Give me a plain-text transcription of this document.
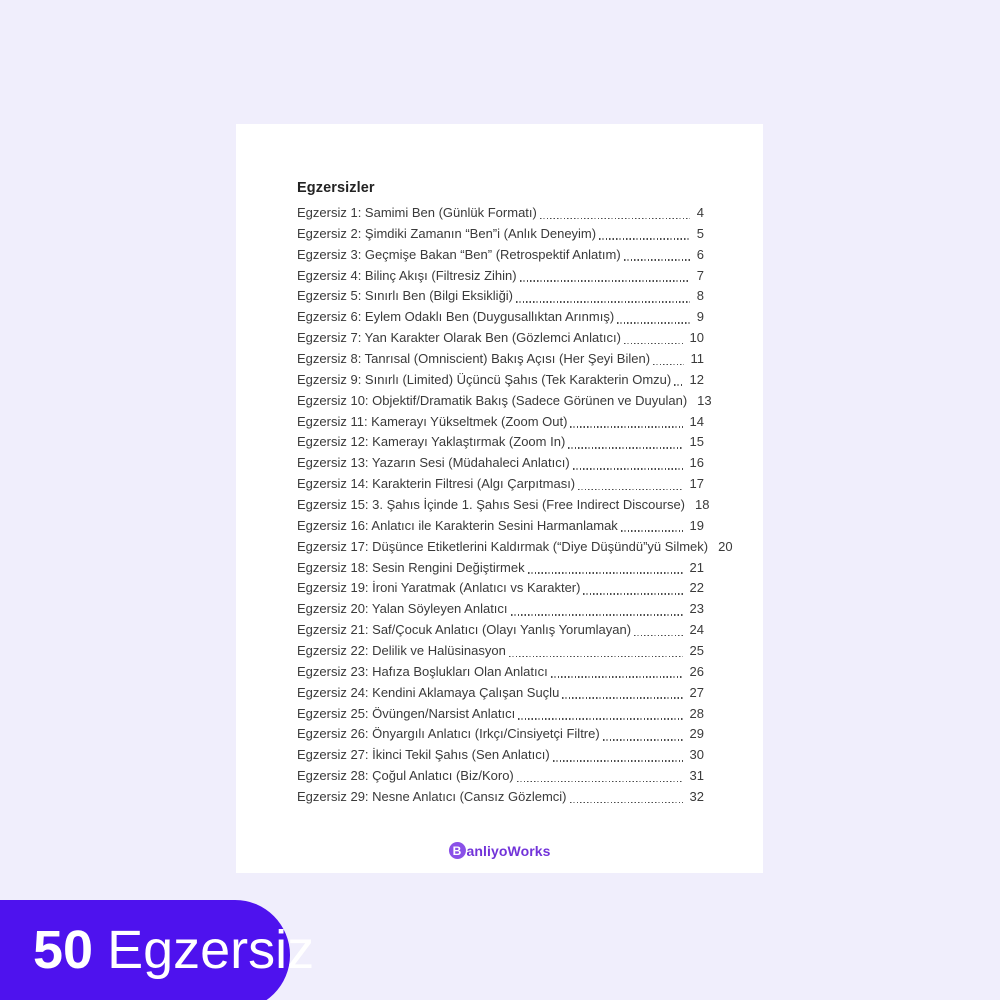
Egzersizler
Egzersiz 1: Samimi Ben (Günlük Formatı)	4
Egzersiz 2: Şimdiki Zamanın “Ben”i (Anlık Deneyim)	5
Egzersiz 3: Geçmişe Bakan “Ben” (Retrospektif Anlatım)	6
Egzersiz 4: Bilinç Akışı (Filtresiz Zihin)	7
Egzersiz 5: Sınırlı Ben (Bilgi Eksikliği)	8
Egzersiz 6: Eylem Odaklı Ben (Duygusallıktan Arınmış)	9
Egzersiz 7: Yan Karakter Olarak Ben (Gözlemci Anlatıcı)	10
Egzersiz 8: Tanrısal (Omniscient) Bakış Açısı (Her Şeyi Bilen)	11
Egzersiz 9: Sınırlı (Limited) Üçüncü Şahıs (Tek Karakterin Omzu) 12
Egzersiz 10: Objektif/Dramatik Bakış (Sadece Görünen ve Duyulan) 13
Egzersiz 11: Kamerayı Yükseltmek (Zoom Out)	14
Egzersiz 12: Kamerayı Yaklaştırmak (Zoom In)	15
Egzersiz 13: Yazarın Sesi (Müdahaleci Anlatıcı)	16
Egzersiz 14: Karakterin Filtresi (Algı Çarpıtması)	17
Egzersiz 15: 3. Şahıs İçinde 1. Şahıs Sesi (Free Indirect Discourse) 18
Egzersiz 16: Anlatıcı ile Karakterin Sesini Harmanlamak	19
Egzersiz 17: Düşünce Etiketlerini Kaldırmak (“Diye Düşündü”yü Silmek) 20
Egzersiz 18: Sesin Rengini Değiştirmek	21
Egzersiz 19: İroni Yaratmak (Anlatıcı vs Karakter)	22
Egzersiz 20: Yalan Söyleyen Anlatıcı	23
Egzersiz 21: Saf/Çocuk Anlatıcı (Olayı Yanlış Yorumlayan)	24
Egzersiz 22: Delilik ve Halüsinasyon	25
Egzersiz 23: Hafıza Boşlukları Olan Anlatıcı	26
Egzersiz 24: Kendini Aklamaya Çalışan Suçlu	27
Egzersiz 25: Övüngen/Narsist Anlatıcı	28
Egzersiz 26: Önyargılı Anlatıcı (Irkçı/Cinsiyetçi Filtre)	29
Egzersiz 27: İkinci Tekil Şahıs (Sen Anlatıcı)	30
Egzersiz 28: Çoğul Anlatıcı (Biz/Koro)	31
Egzersiz 29: Nesne Anlatıcı (Cansız Gözlemci)	32
B anliyoWorks
50 Egzersiz
